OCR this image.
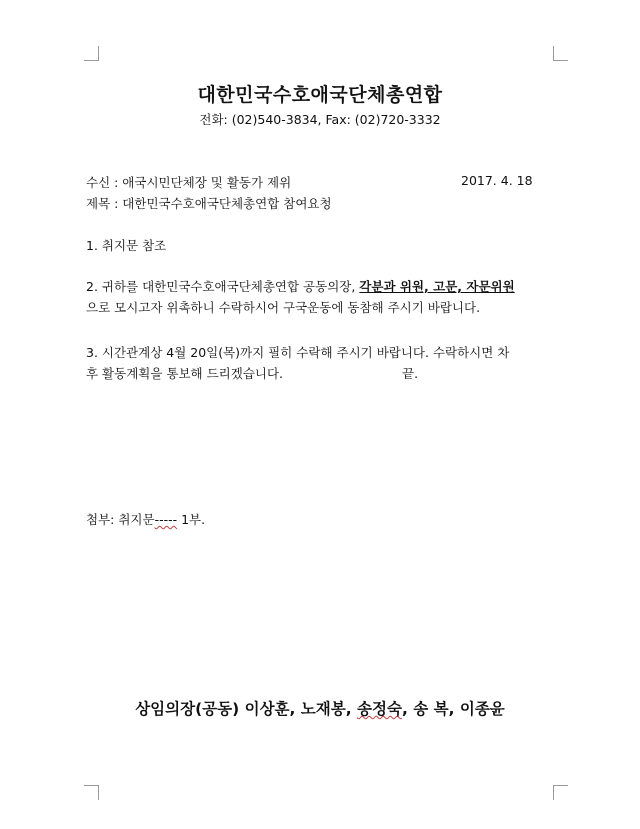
대한민국수호애국단체총연합
전화: (02)540-3834, Fax: (02)720-3332
수신 : 애국시민단체장 및 활동가 제위	2017. 4. 18
제목 : 대한민국수호애국단체총연합 참여요청
1. 취지문 참조
2. 귀하를 대한민국수호애국단체총연합 공동의장, 각분과 위원, 고문, 자문위원
으로 모시고자 위촉하니 수락하시어 구국운동에 동참해 주시기 바랍니다.
3. 시간관계상 4월 20일(목)까지 필히 수락해 주시기 바랍니다. 수락하시면 차
후 활동계획을 통보해 드리겠습니다.	끝.
첨부: 취지문----- 1부.
상임의장(공동) 이상훈, 노재봉, 송정숙, 송 복, 이종윤
